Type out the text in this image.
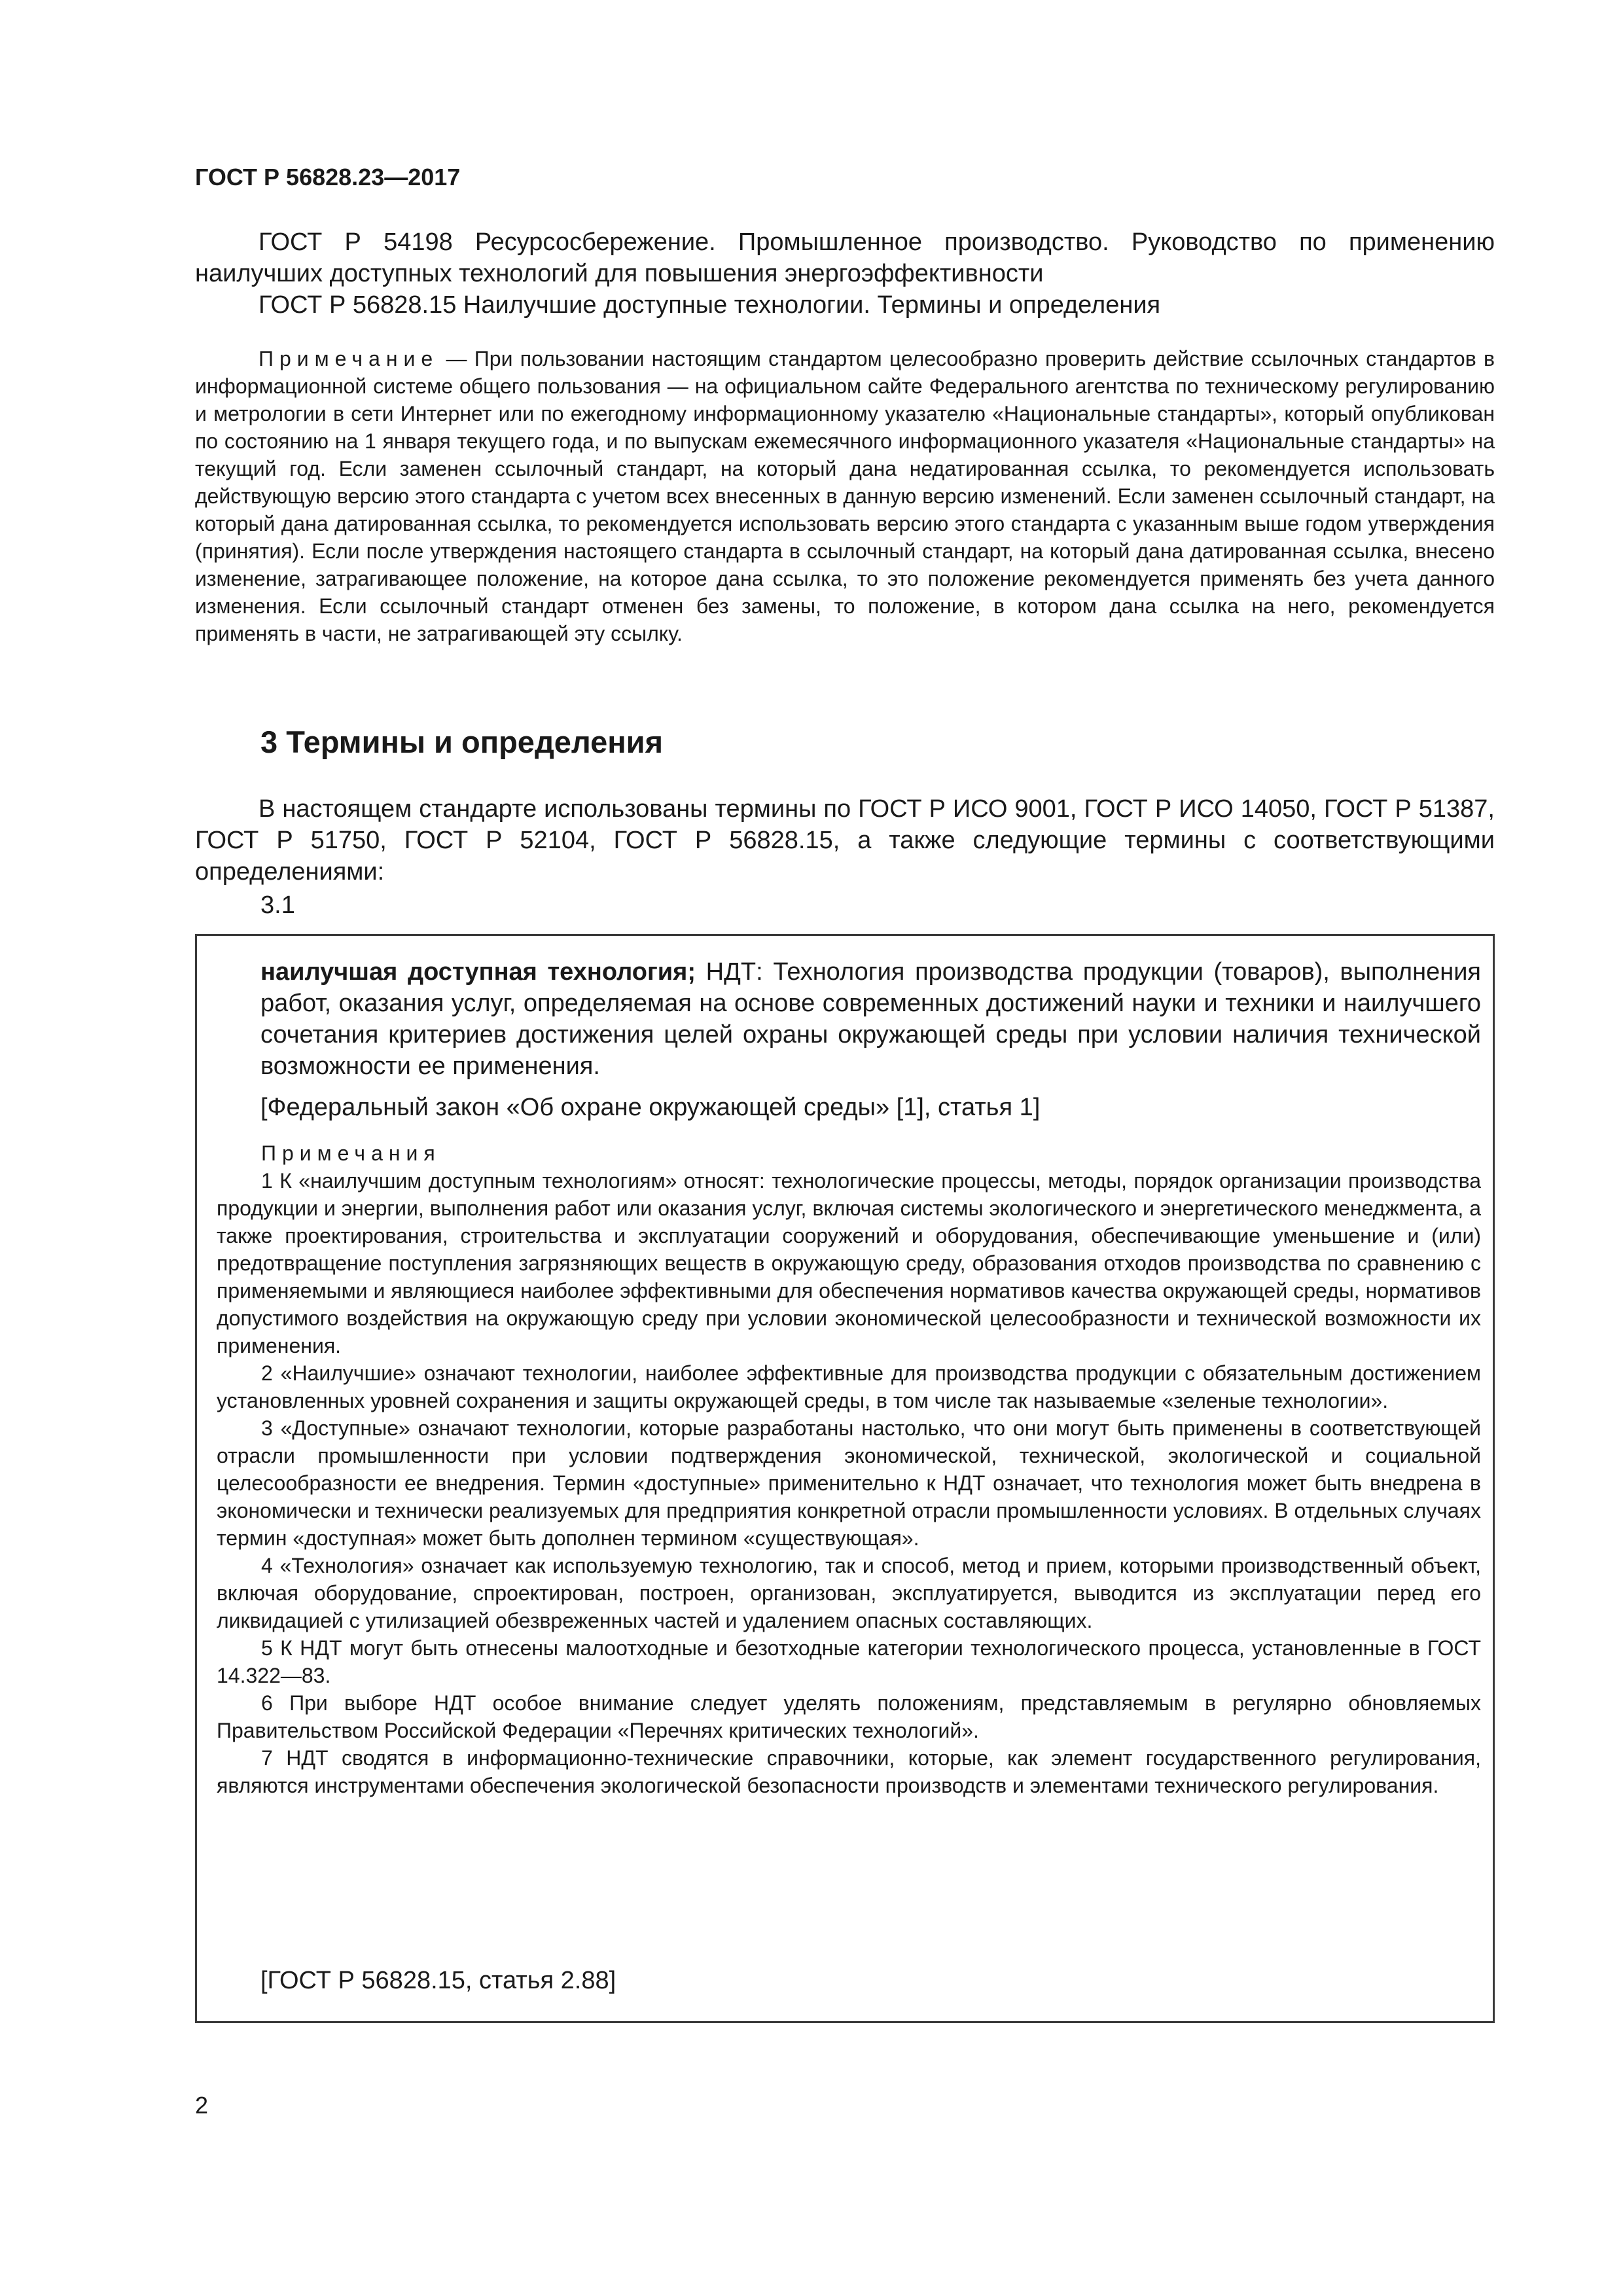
ГОСТ Р 56828.23—2017

ГОСТ Р 54198 Ресурсосбережение. Промышленное производство. Руководство по применению наилучших доступных технологий для повышения энергоэффективности

ГОСТ Р 56828.15 Наилучшие доступные технологии. Термины и определения

Примечание — При пользовании настоящим стандартом целесообразно проверить действие ссылочных стандартов в информационной системе общего пользования — на официальном сайте Федерального агентства по техническому регулированию и метрологии в сети Интернет или по ежегодному информационному указателю «Национальные стандарты», который опубликован по состоянию на 1 января текущего года, и по выпускам ежемесячного информационного указателя «Национальные стандарты» на текущий год. Если заменен ссылочный стандарт, на который дана недатированная ссылка, то рекомендуется использовать действующую версию этого стандарта с учетом всех внесенных в данную версию изменений. Если заменен ссылочный стандарт, на который дана датированная ссылка, то рекомендуется использовать версию этого стандарта с указанным выше годом утверждения (принятия). Если после утверждения настоящего стандарта в ссылочный стандарт, на который дана датированная ссылка, внесено изменение, затрагивающее положение, на которое дана ссылка, то это положение рекомендуется применять без учета данного изменения. Если ссылочный стандарт отменен без замены, то положение, в котором дана ссылка на него, рекомендуется применять в части, не затрагивающей эту ссылку.

3 Термины и определения

В настоящем стандарте использованы термины по ГОСТ Р ИСО 9001, ГОСТ Р ИСО 14050, ГОСТ Р 51387, ГОСТ Р 51750, ГОСТ Р 52104, ГОСТ Р 56828.15, а также следующие термины с соответствующими определениями:

3.1

наилучшая доступная технология; НДТ: Технология производства продукции (товаров), выполнения работ, оказания услуг, определяемая на основе современных достижений науки и техники и наилучшего сочетания критериев достижения целей охраны окружающей среды при условии наличия технической возможности ее применения.

[Федеральный закон «Об охране окружающей среды» [1], статья 1]

Примечания

1 К «наилучшим доступным технологиям» относят: технологические процессы, методы, порядок организации производства продукции и энергии, выполнения работ или оказания услуг, включая системы экологического и энергетического менеджмента, а также проектирования, строительства и эксплуатации сооружений и оборудования, обеспечивающие уменьшение и (или) предотвращение поступления загрязняющих веществ в окружающую среду, образования отходов производства по сравнению с применяемыми и являющиеся наиболее эффективными для обеспечения нормативов качества окружающей среды, нормативов допустимого воздействия на окружающую среду при условии экономической целесообразности и технической возможности их применения.

2 «Наилучшие» означают технологии, наиболее эффективные для производства продукции с обязательным достижением установленных уровней сохранения и защиты окружающей среды, в том числе так называемые «зеленые технологии».

3 «Доступные» означают технологии, которые разработаны настолько, что они могут быть применены в соответствующей отрасли промышленности при условии подтверждения экономической, технической, экологической и социальной целесообразности ее внедрения. Термин «доступные» применительно к НДТ означает, что технология может быть внедрена в экономически и технически реализуемых для предприятия конкретной отрасли промышленности условиях. В отдельных случаях термин «доступная» может быть дополнен термином «существующая».

4 «Технология» означает как используемую технологию, так и способ, метод и прием, которыми производственный объект, включая оборудование, спроектирован, построен, организован, эксплуатируется, выводится из эксплуатации перед его ликвидацией с утилизацией обезвреженных частей и удалением опасных составляющих.

5 К НДТ могут быть отнесены малоотходные и безотходные категории технологического процесса, установленные в ГОСТ 14.322—83.

6 При выборе НДТ особое внимание следует уделять положениям, представляемым в регулярно обновляемых Правительством Российской Федерации «Перечнях критических технологий».

7 НДТ сводятся в информационно-технические справочники, которые, как элемент государственного регулирования, являются инструментами обеспечения экологической безопасности производств и элементами технического регулирования.

[ГОСТ Р 56828.15, статья 2.88]

2
